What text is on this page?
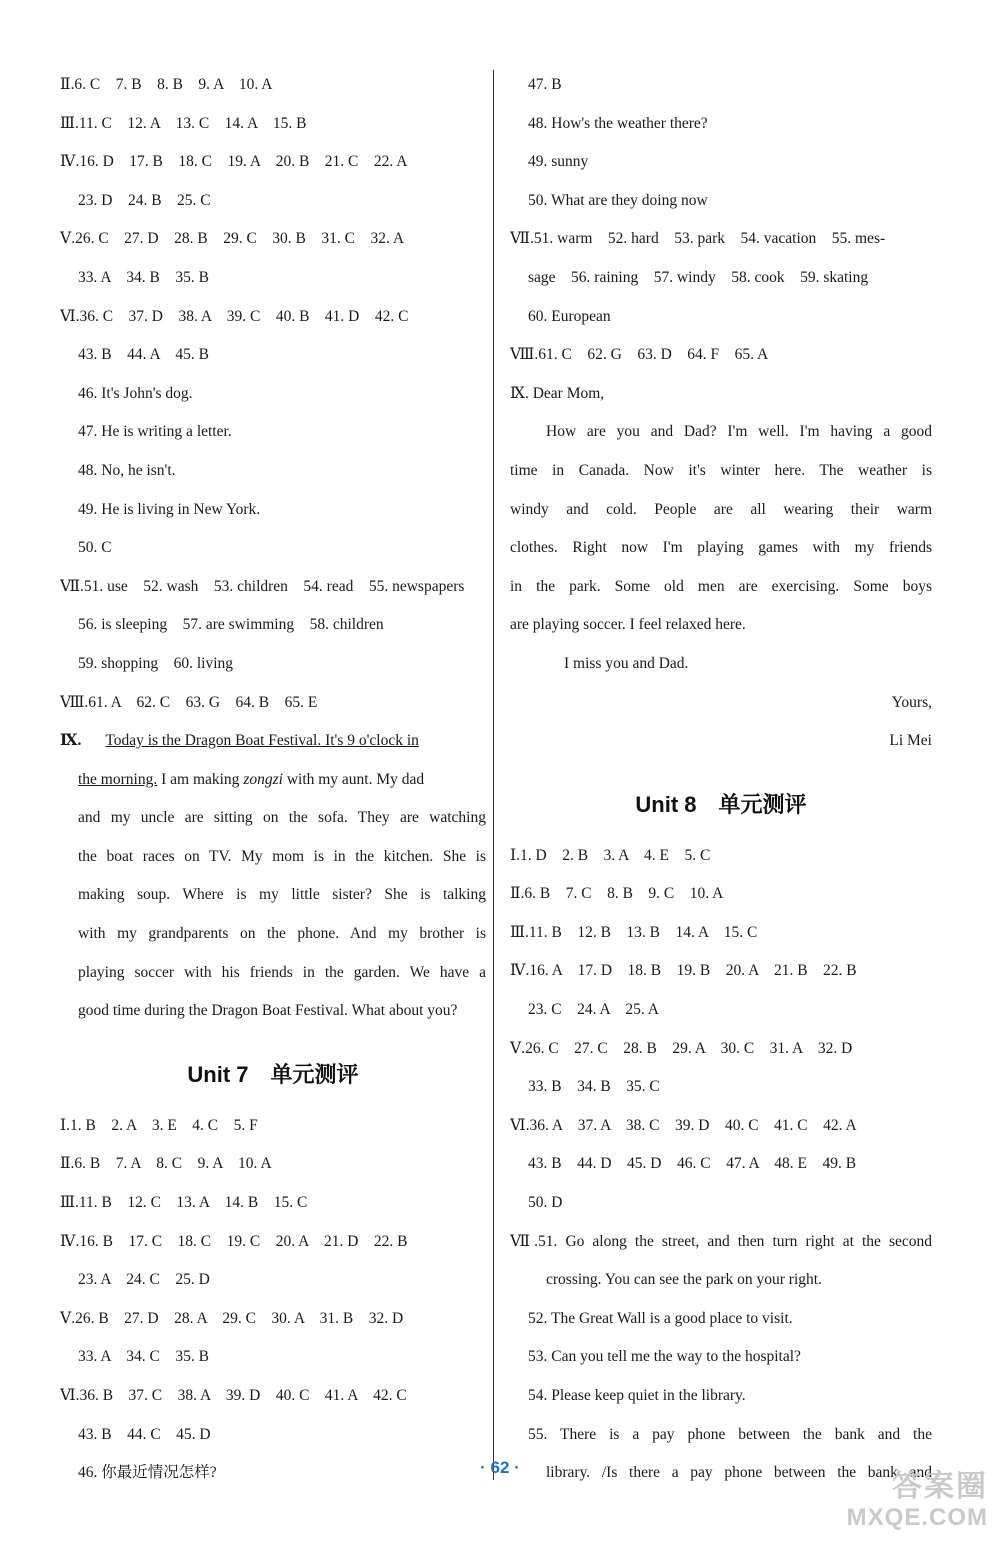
Ⅱ.6. C　7. B　8. B　9. A　10. A
Ⅲ.11. C　12. A　13. C　14. A　15. B
Ⅳ.16. D　17. B　18. C　19. A　20. B　21. C　22. A
23. D　24. B　25. C
Ⅴ.26. C　27. D　28. B　29. C　30. B　31. C　32. A
33. A　34. B　35. B
Ⅵ.36. C　37. D　38. A　39. C　40. B　41. D　42. C
43. B　44. A　45. B
46. It's John's dog.
47. He is writing a letter.
48. No, he isn't.
49. He is living in New York.
50. C
Ⅶ.51. use　52. wash　53. children　54. read　55. newspapers
56. is sleeping　57. are swimming　58. children
59. shopping　60. living
Ⅷ.61. A　62. C　63. G　64. B　65. E
Ⅸ. Today is the Dragon Boat Festival. It's 9 o'clock in
the morning. I am making zongzi with my aunt. My dad
and my uncle are sitting on the sofa. They are watching
the boat races on TV. My mom is in the kitchen. She is
making soup. Where is my little sister? She is talking
with my grandparents on the phone. And my brother is
playing soccer with his friends in the garden. We have a
good time during the Dragon Boat Festival. What about you?
Unit 7 单元测评
Ⅰ.1. B　2. A　3. E　4. C　5. F
Ⅱ.6. B　7. A　8. C　9. A　10. A
Ⅲ.11. B　12. C　13. A　14. B　15. C
Ⅳ.16. B　17. C　18. C　19. C　20. A　21. D　22. B
23. A　24. C　25. D
Ⅴ.26. B　27. D　28. A　29. C　30. A　31. B　32. D
33. A　34. C　35. B
Ⅵ.36. B　37. C　38. A　39. D　40. C　41. A　42. C
43. B　44. C　45. D
46. 你最近情况怎样?
47. B
48. How's the weather there?
49. sunny
50. What are they doing now
Ⅶ.51. warm　52. hard　53. park　54. vacation　55. mes-
sage　56. raining　57. windy　58. cook　59. skating
60. European
Ⅷ.61. C　62. G　63. D　64. F　65. A
Ⅸ. Dear Mom,
How are you and Dad? I'm well. I'm having a good
time in Canada. Now it's winter here. The weather is
windy and cold. People are all wearing their warm
clothes. Right now I'm playing games with my friends
in the park. Some old men are exercising. Some boys
are playing soccer. I feel relaxed here.
I miss you and Dad.
Yours,
Li Mei
Unit 8 单元测评
Ⅰ.1. D　2. B　3. A　4. E　5. C
Ⅱ.6. B　7. C　8. B　9. C　10. A
Ⅲ.11. B　12. B　13. B　14. A　15. C
Ⅳ.16. A　17. D　18. B　19. B　20. A　21. B　22. B
23. C　24. A　25. A
Ⅴ.26. C　27. C　28. B　29. A　30. C　31. A　32. D
33. B　34. B　35. C
Ⅵ.36. A　37. A　38. C　39. D　40. C　41. C　42. A
43. B　44. D　45. D　46. C　47. A　48. E　49. B
50. D
Ⅶ.51. Go along the street, and then turn right at the second
crossing. You can see the park on your right.
52. The Great Wall is a good place to visit.
53. Can you tell me the way to the hospital?
54. Please keep quiet in the library.
55. There is a pay phone between the bank and the
library. /Is there a pay phone between the bank and
· 62 ·
答案圈
MXQE.COM
